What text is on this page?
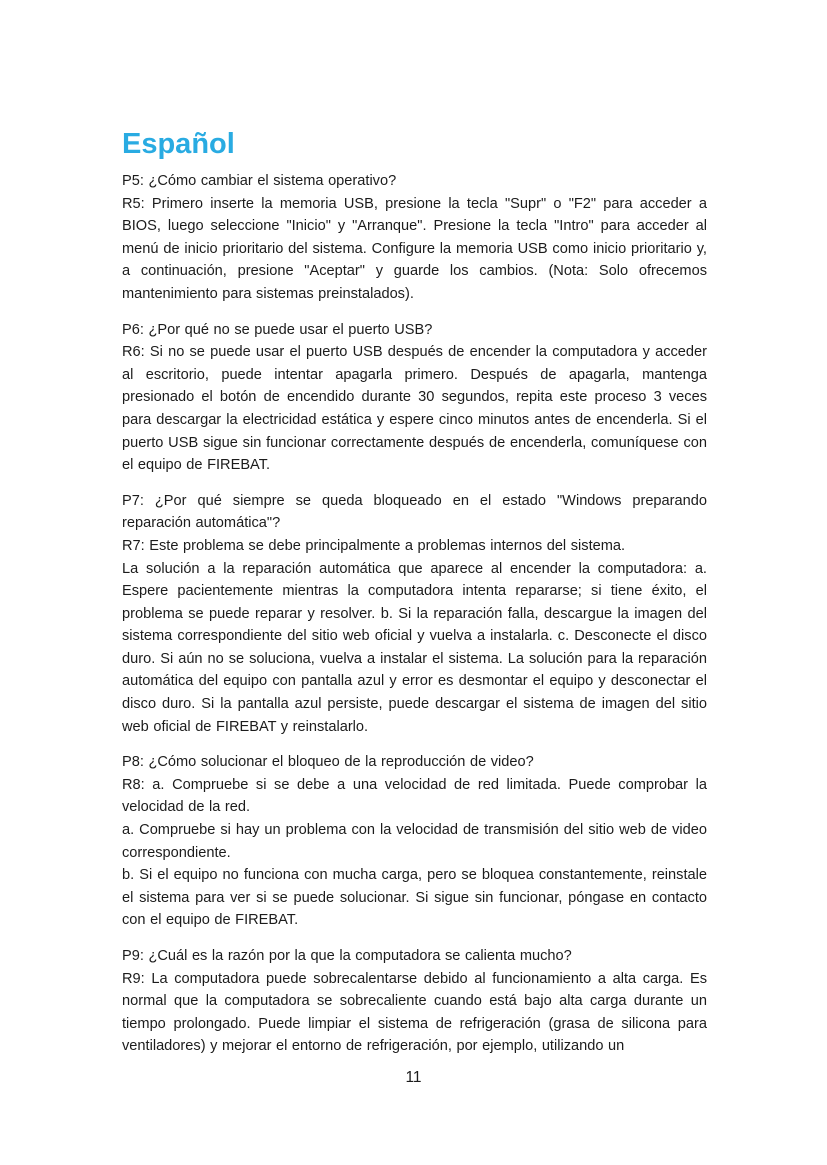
Español

P5: ¿Cómo cambiar el sistema operativo?

R5: Primero inserte la memoria USB, presione la tecla "Supr" o "F2" para acceder a BIOS, luego seleccione "Inicio" y "Arranque". Presione la tecla "Intro" para acceder al menú de inicio prioritario del sistema. Configure la memoria USB como inicio prioritario y, a continuación, presione "Aceptar" y guarde los cambios. (Nota: Solo ofrecemos mantenimiento para sistemas preinstalados).

P6: ¿Por qué no se puede usar el puerto USB?

R6: Si no se puede usar el puerto USB después de encender la computadora y acceder al escritorio, puede intentar apagarla primero. Después de apagarla, mantenga presionado el botón de encendido durante 30 segundos, repita este proceso 3 veces para descargar la electricidad estática y espere cinco minutos antes de encenderla. Si el puerto USB sigue sin funcionar correctamente después de encenderla, comuníquese con el equipo de FIREBAT.

P7: ¿Por qué siempre se queda bloqueado en el estado "Windows preparando reparación automática"?

R7: Este problema se debe principalmente a problemas internos del sistema.

La solución a la reparación automática que aparece al encender la computadora: a. Espere pacientemente mientras la computadora intenta repararse; si tiene éxito, el problema se puede reparar y resolver. b. Si la reparación falla, descargue la imagen del sistema correspondiente del sitio web oficial y vuelva a instalarla. c. Desconecte el disco duro. Si aún no se soluciona, vuelva a instalar el sistema. La solución para la reparación automática del equipo con pantalla azul y error es desmontar el equipo y desconectar el disco duro. Si la pantalla azul persiste, puede descargar el sistema de imagen del sitio web oficial de FIREBAT y reinstalarlo.

P8: ¿Cómo solucionar el bloqueo de la reproducción de video?

R8: a. Compruebe si se debe a una velocidad de red limitada. Puede comprobar la velocidad de la red.

a. Compruebe si hay un problema con la velocidad de transmisión del sitio web de video correspondiente.

b. Si el equipo no funciona con mucha carga, pero se bloquea constantemente, reinstale el sistema para ver si se puede solucionar. Si sigue sin funcionar, póngase en contacto con el equipo de FIREBAT.

P9: ¿Cuál es la razón por la que la computadora se calienta mucho?

R9: La computadora puede sobrecalentarse debido al funcionamiento a alta carga. Es normal que la computadora se sobrecaliente cuando está bajo alta carga durante un tiempo prolongado. Puede limpiar el sistema de refrigeración (grasa de silicona para ventiladores) y mejorar el entorno de refrigeración, por ejemplo, utilizando un

11
